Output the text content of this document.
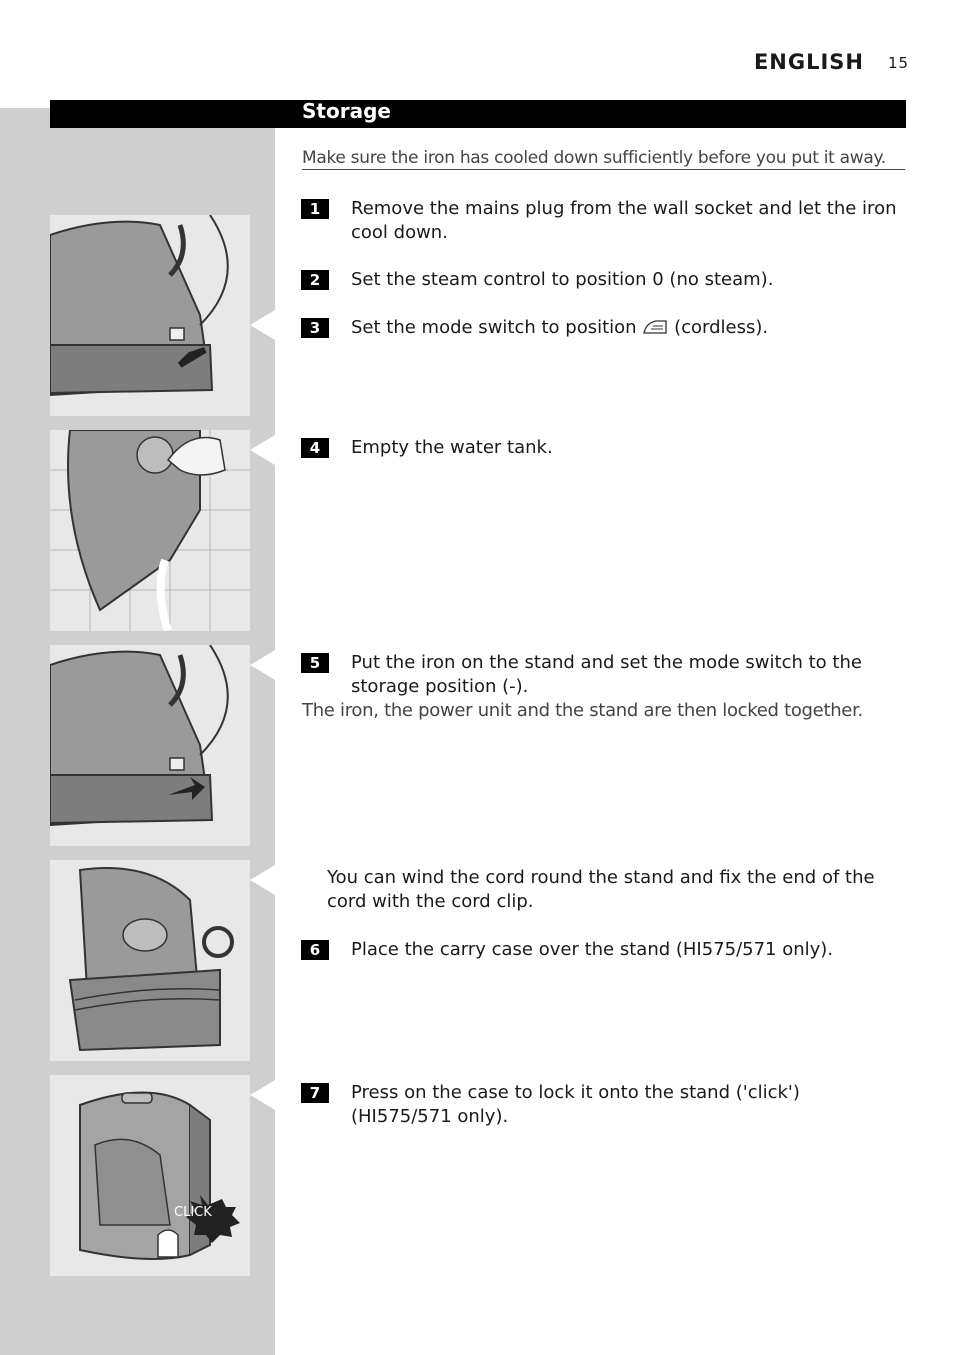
ENGLISH 15
Storage
Make sure the iron has cooled down sufficiently before you put it away.
CLICK
1	Remove the mains plug from the wall socket and let the iron cool down.
2	Set the steam control to position 0 (no steam).
3	Set the mode switch to position (cordless).
4	Empty the water tank.
5	Put the iron on the stand and set the mode switch to the storage position (-).
The iron, the power unit and the stand are then locked together.
You can wind the cord round the stand and fix the end of the cord with the cord clip.
6	Place the carry case over the stand (HI575/571 only).
7	Press on the case to lock it onto the stand ('click') (HI575/571 only).
